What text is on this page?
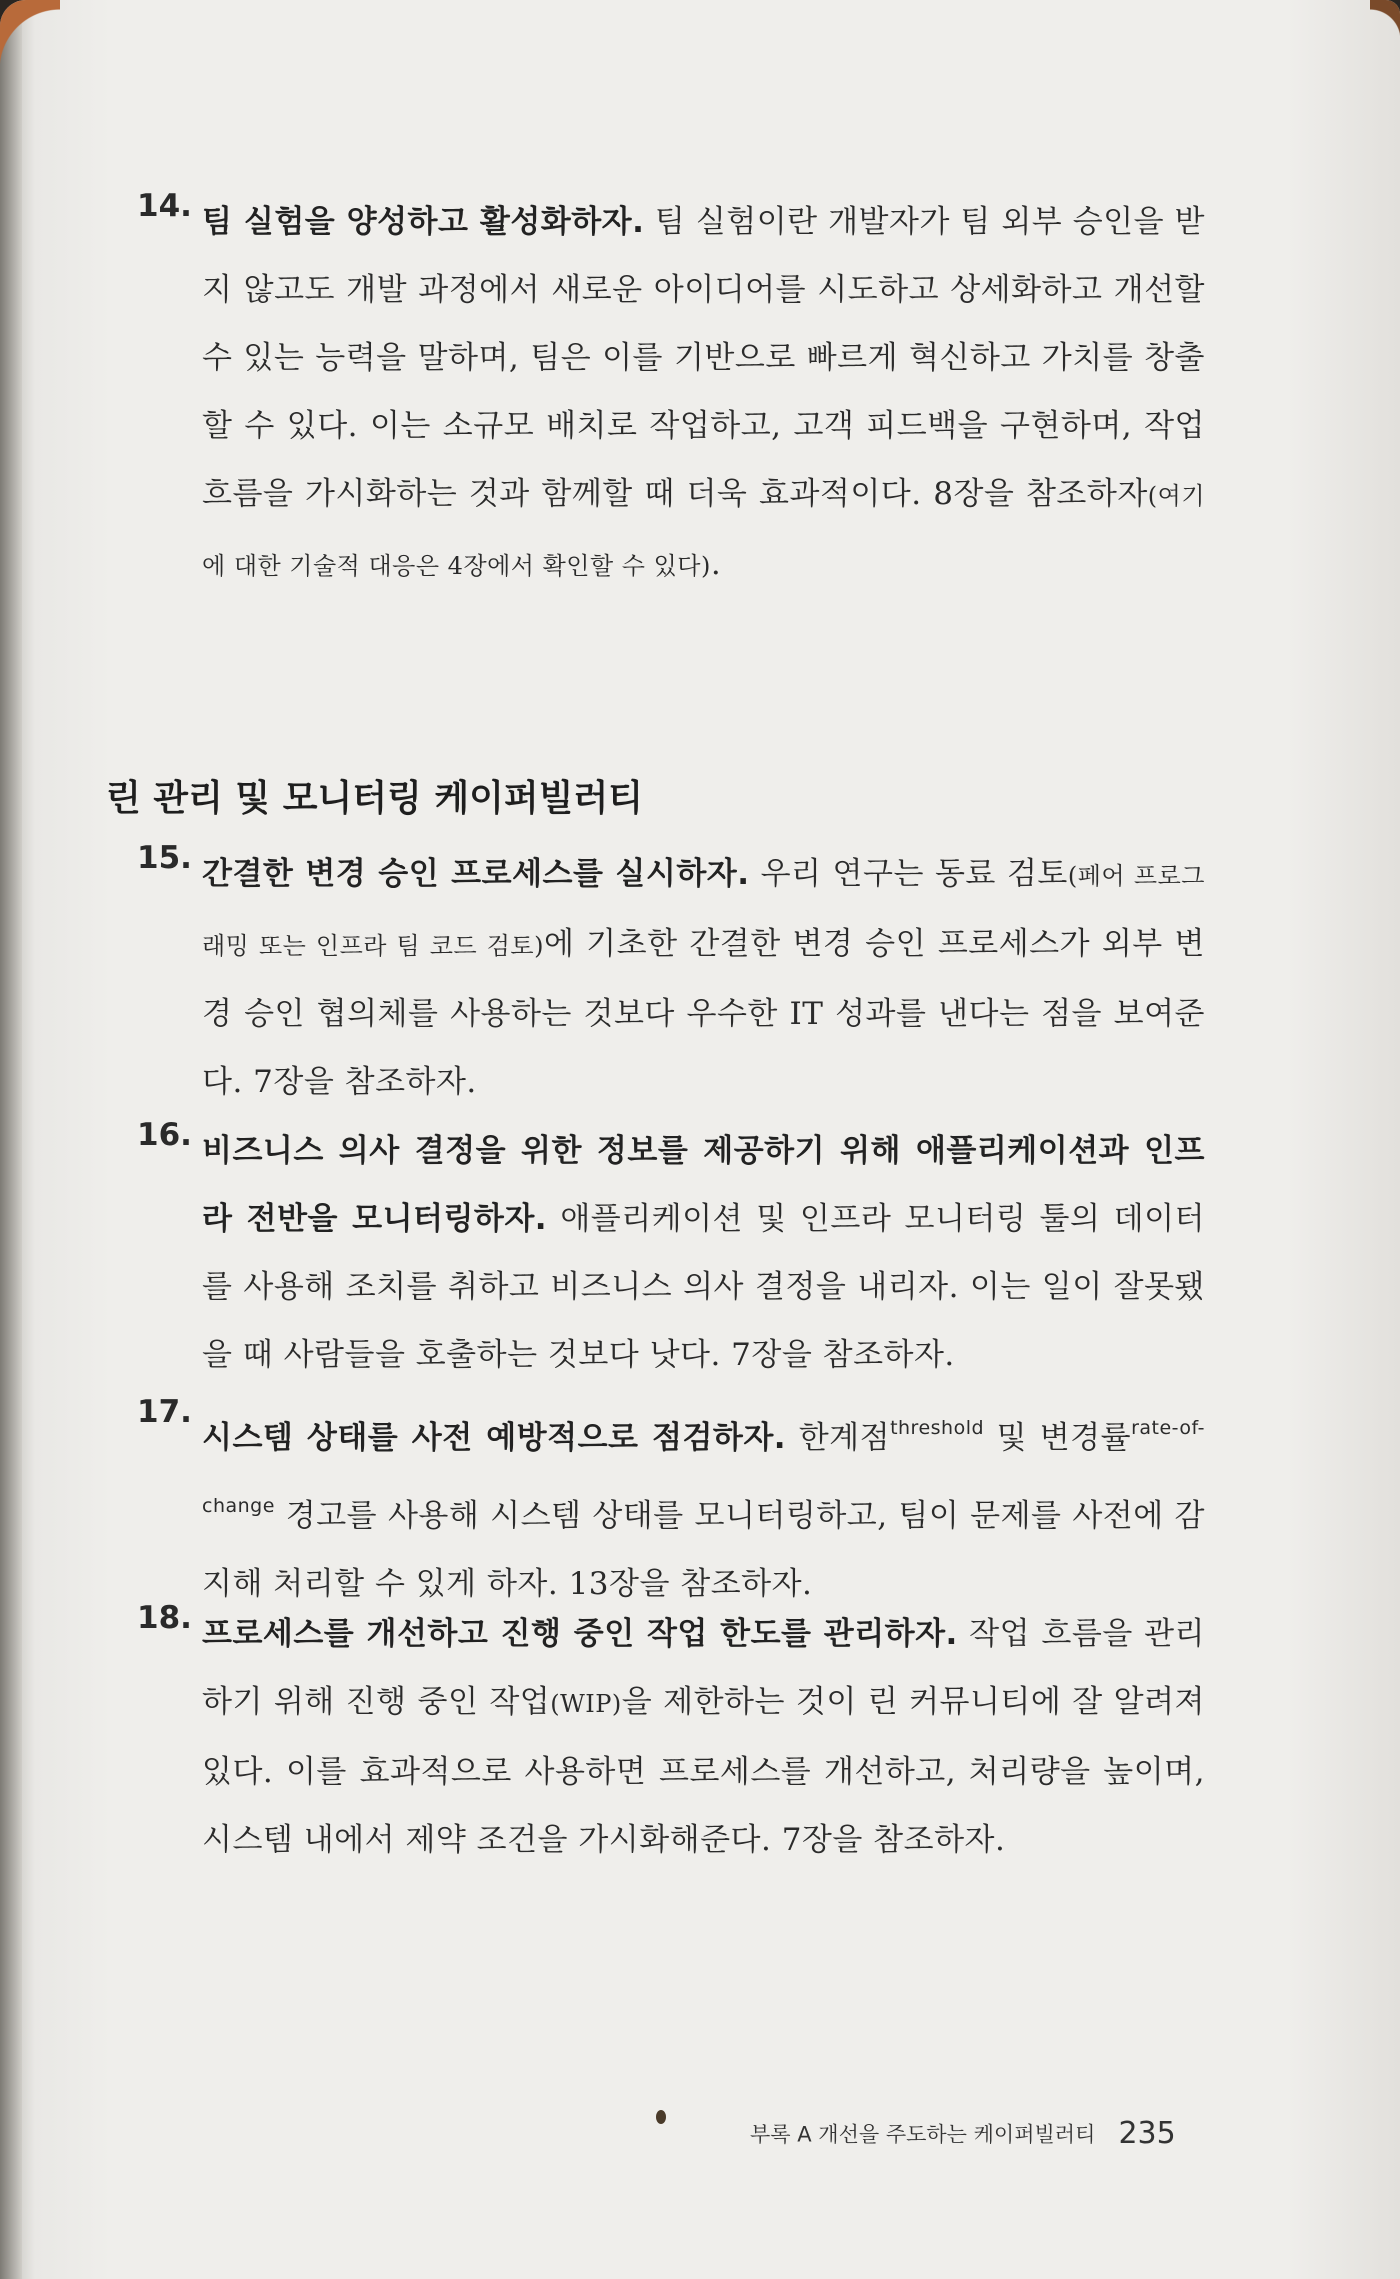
14. 팀 실험을 양성하고 활성화하자. 팀 실험이란 개발자가 팀 외부 승인을 받지 않고도 개발 과정에서 새로운 아이디어를 시도하고 상세화하고 개선할 수 있는 능력을 말하며, 팀은 이를 기반으로 빠르게 혁신하고 가치를 창출할 수 있다. 이는 소규모 배치로 작업하고, 고객 피드백을 구현하며, 작업 흐름을 가시화하는 것과 함께할 때 더욱 효과적이다. 8장을 참조하자(여기에 대한 기술적 대응은 4장에서 확인할 수 있다).
린 관리 및 모니터링 케이퍼빌러티
15. 간결한 변경 승인 프로세스를 실시하자. 우리 연구는 동료 검토(페어 프로그래밍 또는 인프라 팀 코드 검토)에 기초한 간결한 변경 승인 프로세스가 외부 변경 승인 협의체를 사용하는 것보다 우수한 IT 성과를 낸다는 점을 보여준다. 7장을 참조하자.
16. 비즈니스 의사 결정을 위한 정보를 제공하기 위해 애플리케이션과 인프라 전반을 모니터링하자. 애플리케이션 및 인프라 모니터링 툴의 데이터를 사용해 조치를 취하고 비즈니스 의사 결정을 내리자. 이는 일이 잘못됐을 때 사람들을 호출하는 것보다 낫다. 7장을 참조하자.
17.
시스템 상태를 사전 예방적으로 점검하자. 한계점$^{threshold}$ 및 변경률$^{rate-of-change}$ 경고를 사용해 시스템 상태를 모니터링하고, 팀이 문제를 사전에 감지해 처리할 수 있게 하자. 13장을 참조하자.
18. 프로세스를 개선하고 진행 중인 작업 한도를 관리하자. 작업 흐름을 관리하기 위해 진행 중인 작업(WIP)을 제한하는 것이 린 커뮤니티에 잘 알려져 있다. 이를 효과적으로 사용하면 프로세스를 개선하고, 처리량을 높이며, 시스템 내에서 제약 조건을 가시화해준다. 7장을 참조하자.
부록 A 개선을 주도하는 케이퍼빌러티 235
